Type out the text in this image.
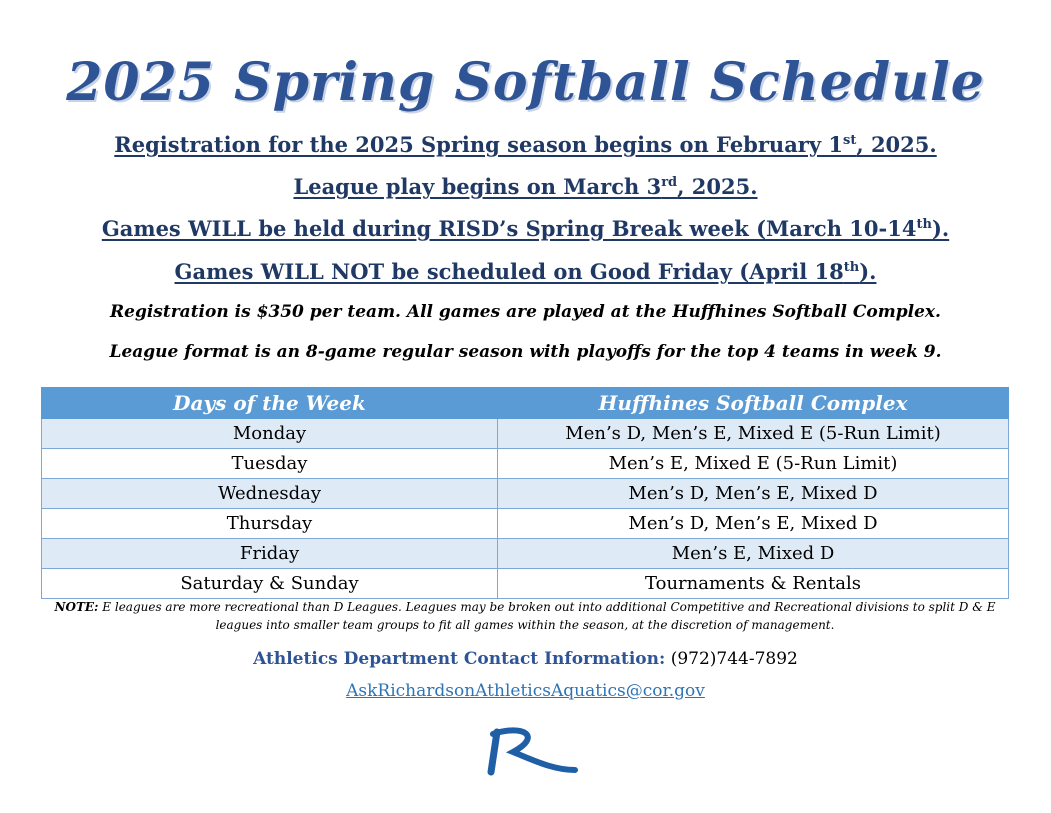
2025 Spring Softball Schedule
Registration for the 2025 Spring season begins on February 1st, 2025.
League play begins on March 3rd, 2025.
Games WILL be held during RISD’s Spring Break week (March 10-14th).
Games WILL NOT be scheduled on Good Friday (April 18th).
Registration is $350 per team. All games are played at the Huffhines Softball Complex.
League format is an 8-game regular season with playoffs for the top 4 teams in week 9.
Days of the Week	Huffhines Softball Complex
Monday	Men’s D, Men’s E, Mixed E (5-Run Limit)
Tuesday	Men’s E, Mixed E (5-Run Limit)
Wednesday	Men’s D, Men’s E, Mixed D
Thursday	Men’s D, Men’s E, Mixed D
Friday	Men’s E, Mixed D
Saturday & Sunday	Tournaments & Rentals
NOTE: E leagues are more recreational than D Leagues. Leagues may be broken out into additional Competitive and Recreational divisions to split D & E
leagues into smaller team groups to fit all games within the season, at the discretion of management.
Athletics Department Contact Information: (972)744-7892
AskRichardsonAthleticsAquatics@cor.gov
